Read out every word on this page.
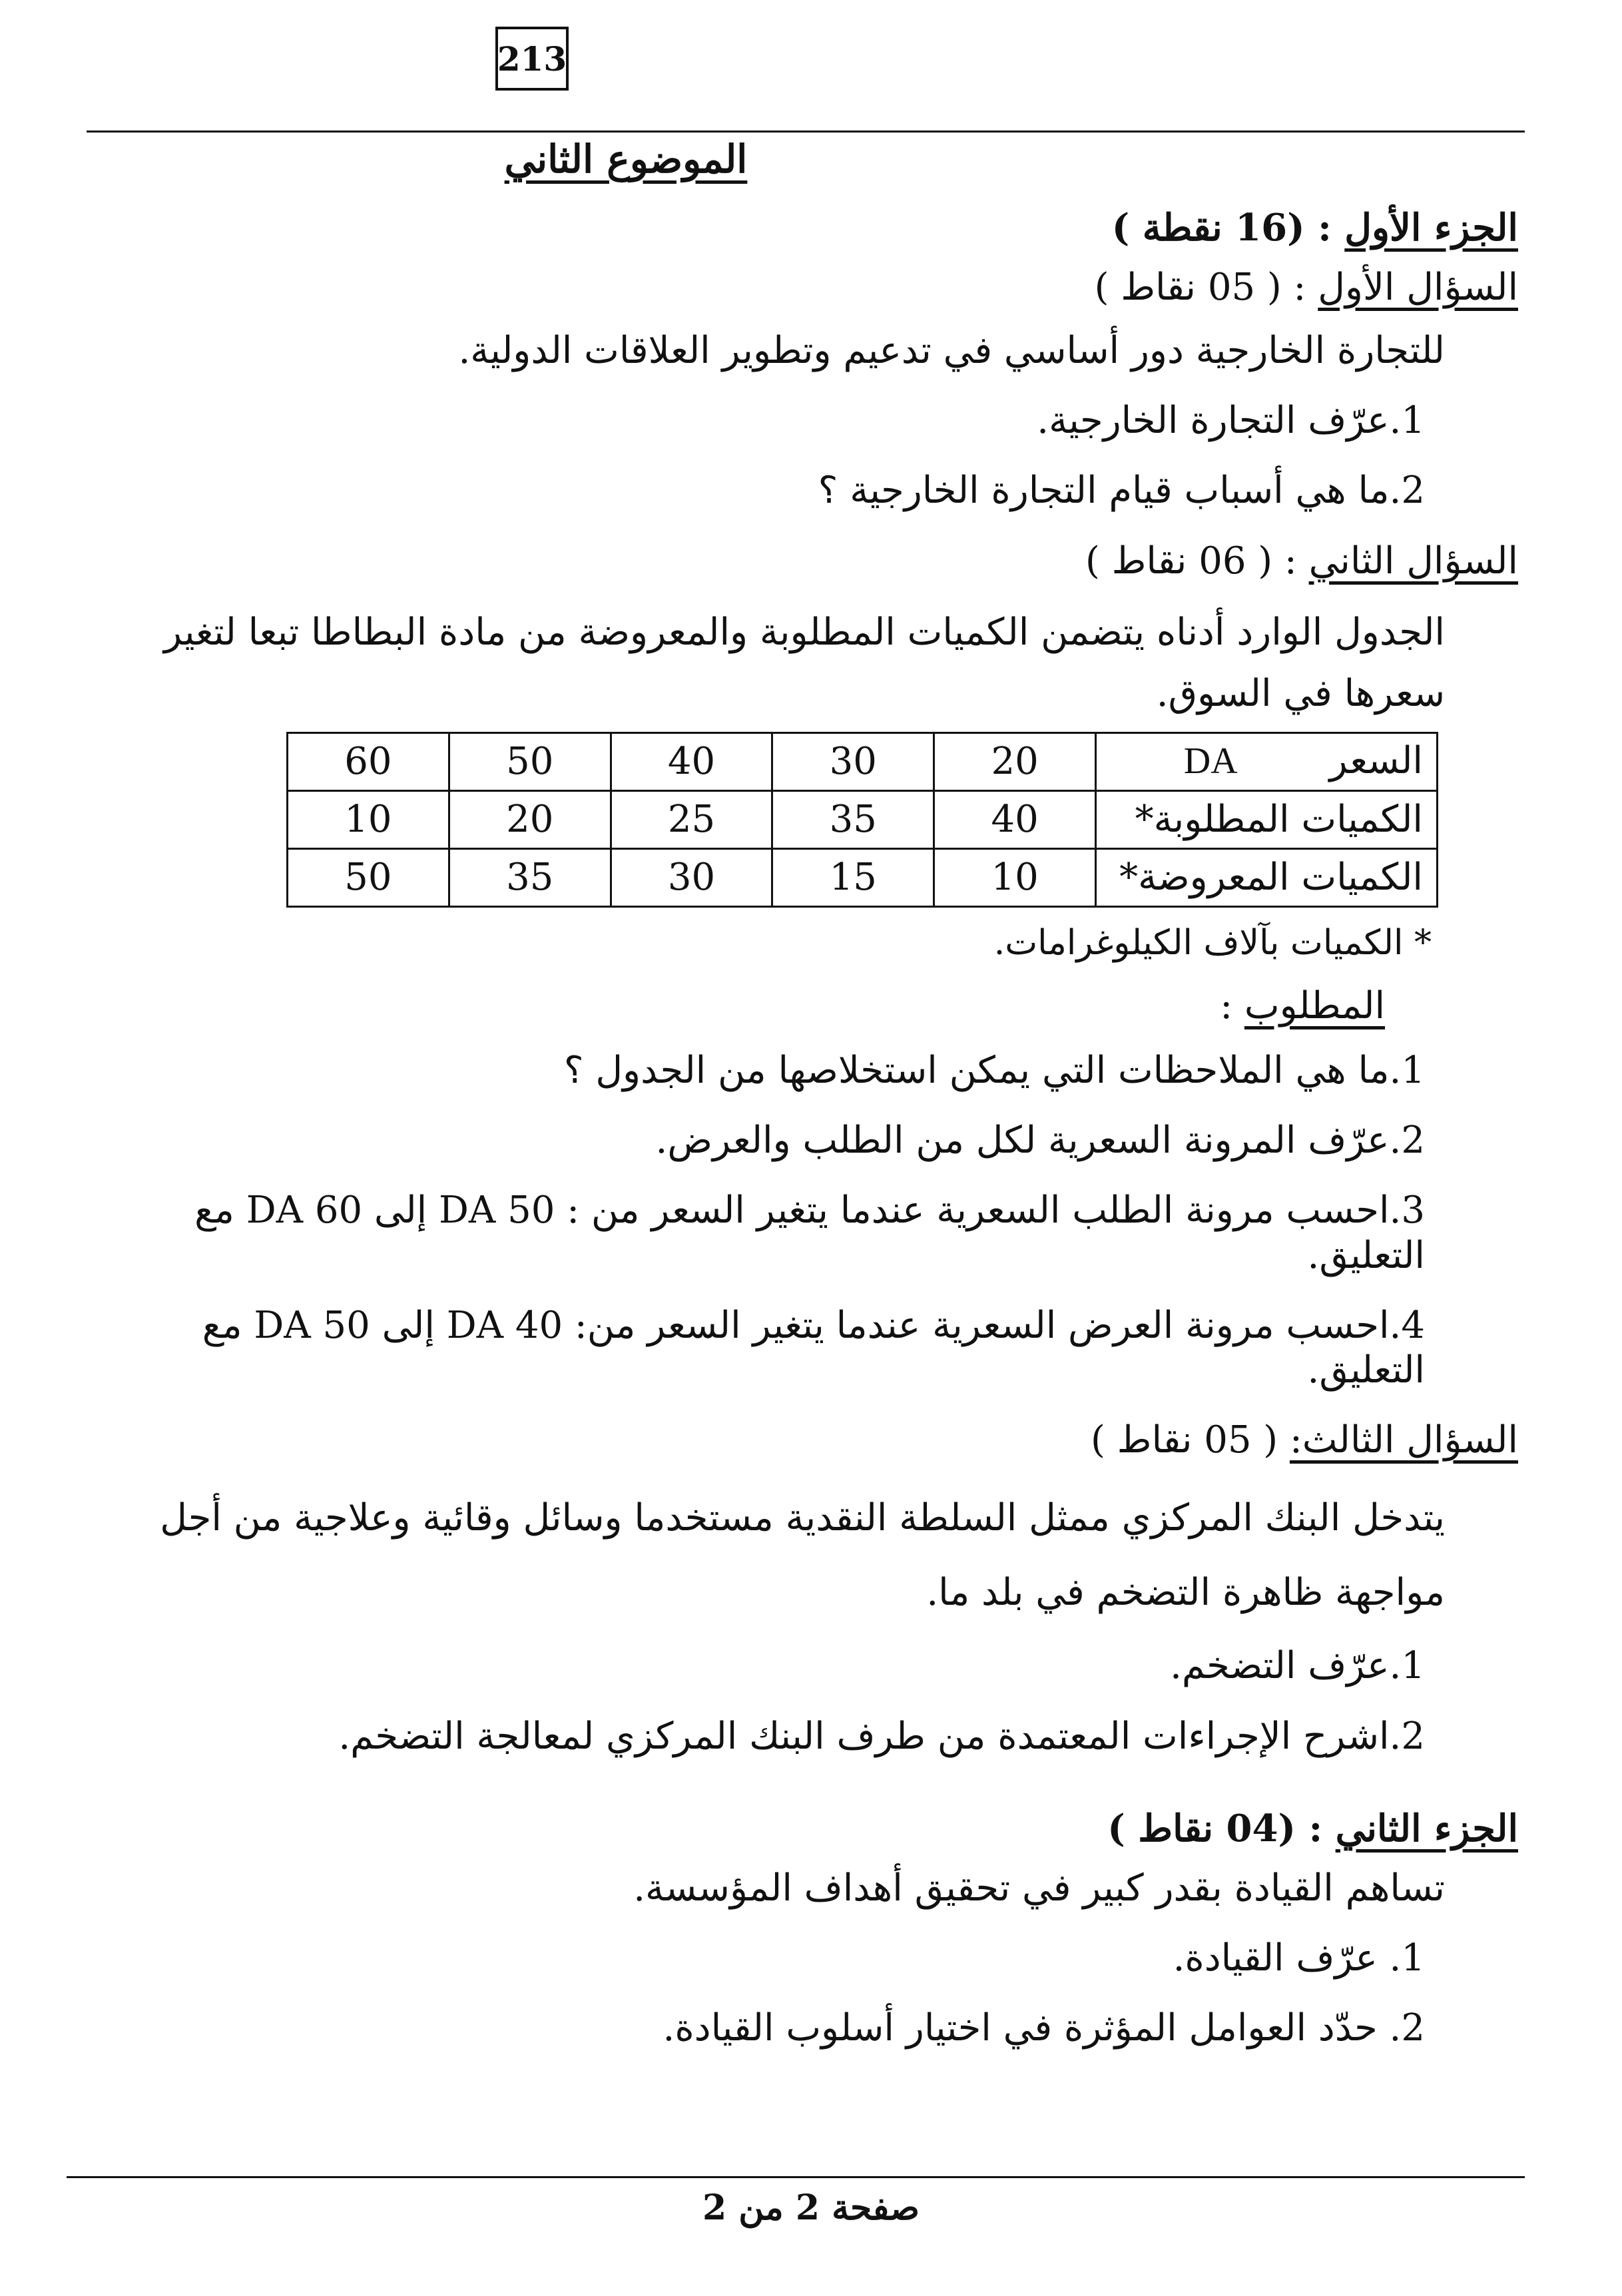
213
الموضوع الثاني
الجزء الأول : (16 نقطة )
السؤال الأول : ( 05 نقاط )
للتجارة الخارجية دور أساسي في تدعيم وتطوير العلاقات الدولية.
1.عرّف التجارة الخارجية.
2.ما هي أسباب قيام التجارة الخارجية ؟
السؤال الثاني : ( 06 نقاط )
الجدول الوارد أدناه يتضمن الكميات المطلوبة والمعروضة من مادة البطاطا تبعا لتغير سعرها في السوق.
السعر DA	20	30	40	50	60
الكميات المطلوبة*	40	35	25	20	10
الكميات المعروضة*	10	15	30	35	50
* الكميات بآلاف الكيلوغرامات.
المطلوب :
1.ما هي الملاحظات التي يمكن استخلاصها من الجدول ؟
2.عرّف المرونة السعرية لكل من الطلب والعرض.
3.احسب مرونة الطلب السعرية عندما يتغير السعر من : DA 50 إلى DA 60 مع التعليق.
4.احسب مرونة العرض السعرية عندما يتغير السعر من: DA 40 إلى DA 50 مع التعليق.
السؤال الثالث: ( 05 نقاط )
يتدخل البنك المركزي ممثل السلطة النقدية مستخدما وسائل وقائية وعلاجية من أجل مواجهة ظاهرة التضخم في بلد ما.
1.عرّف التضخم.
2.اشرح الإجراءات المعتمدة من طرف البنك المركزي لمعالجة التضخم.
الجزء الثاني : (04 نقاط )
تساهم القيادة بقدر كبير في تحقيق أهداف المؤسسة.
1. عرّف القيادة.
2. حدّد العوامل المؤثرة في اختيار أسلوب القيادة.
صفحة 2 من 2
